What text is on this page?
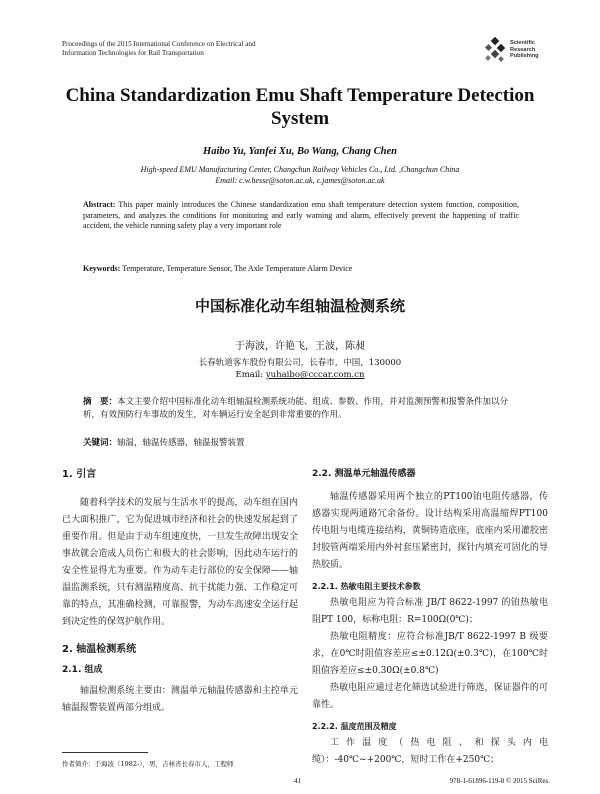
Proceedings of the 2015 International Conference on Electrical and
Information Technologies for Rail Transportation
Scientific
Research
Publishing
China Standardization Emu Shaft Temperature Detection
System
Haibo Yu, Yanfei Xu, Bo Wang, Chang Chen
High-speed EMU Manufacturing Center, Changchun Railway Vehicles Co., Ltd. ,Changchun China
Email: c.w.hesse@soton.ac.uk, c.james@soton.ac.uk
Abstract: This paper mainly introduces the Chinese standardization emu shaft temperature detection system function, composition, parameters, and analyzes the conditions for monitoring and early warning and alarm, effectively prevent the happening of traffic accident, the vehicle running safety play a very important role
Keywords: Temperature, Temperature Sensor, The Axle Temperature Alarm Device
中国标准化动车组轴温检测系统
于海波，许艳飞，王波，陈昶
长春轨道客车股份有限公司，长春市，中国，130000
Email: yuhaibo@cccar.com.cn
摘　要：本文主要介绍中国标准化动车组轴温检测系统功能、组成、参数、作用，并对监测预警和报警条件加以分析，有效预防行车事故的发生，对车辆运行安全起到非常重要的作用。
关键词：轴温，轴温传感器，轴温报警装置
1. 引言

随着科学技术的发展与生活水平的提高，动车组在国内已大面积推广，它为促进城市经济和社会的快速发展起到了重要作用。但是由于动车组速度快，一旦发生故障出现安全事故就会造成人员伤亡和极大的社会影响，因此动车运行的安全性显得尤为重要。作为动车走行部位的安全保障——轴温监测系统，只有测温精度高、抗干扰能力强、工作稳定可靠的特点，其准确检测，可靠报警，为动车高速安全运行起到决定性的保驾护航作用。

2. 轴温检测系统
2.1. 组成

轴温检测系统主要由：测温单元轴温传感器和主控单元轴温报警装置两部分组成。

2.2. 测温单元轴温传感器

轴温传感器采用两个独立的PT100铂电阻传感器，传感器实现两通路冗余备份。设计结构采用高温缩焊PT100传电阻与电缆连接结构，黄铜铸造底座，底座内采用灌胶密封胶管两端采用内外衬套压紧密封，探针内填充可固化的导热胶质。

2.2.1. 热敏电阻主要技术参数

热敏电阻应为符合标准 JB/T 8622-1997 的铂热敏电阻PT 100，标称电阻：R=100Ω(0℃)；

热敏电阻精度：应符合标准JB/T 8622-1997 B 级要求，在0℃时阻值容差应≤±0.12Ω(±0.3℃)，在100℃时阻值容差应≤±0.30Ω(±0.8℃)

热敏电阻应通过老化筛选试验进行筛选，保证器件的可靠性。

2.2.2. 温度范围及精度

工作温度（热电阻、和探头内电缆）：-40℃~+200℃，短时工作在+250℃；

作者简介：于海波（1982-），男，吉林省长春市人，工程师
41	978-1-61896-119-8 © 2015 SciRes.
